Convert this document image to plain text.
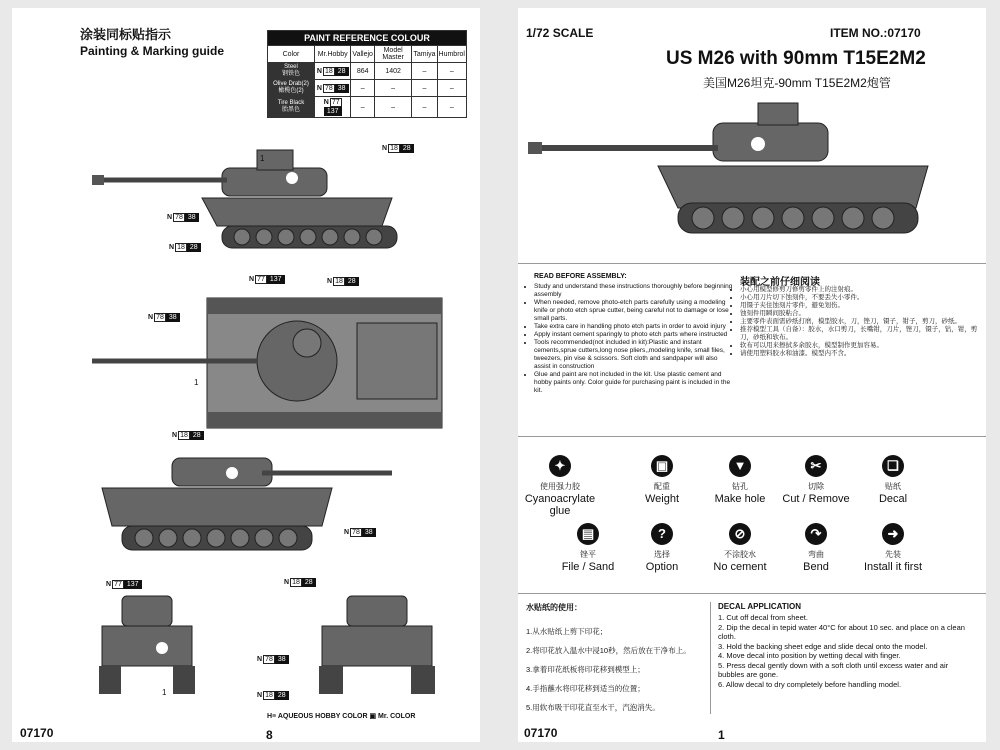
涂装同标贴指示
Painting & Marking guide
PAINT REFERENCE COLOUR					
Color	Mr.Hobby	Vallejo	Model Master	Tamiya	Humbrol
Steel
钢铁色	N 18 28	864	1402	–	–
Olive Drab(2)
橄榄色(2)	N 78 38	–	–	–	–
Tire Black
胎黑色	N 77137	–	–	–	–
1
N 18 28
N 78 38
N 18 28
N 77 137	N 18 28
N 78 38
1
N 18 28
N 78 38
N 77 137	N 18 28
N 78 38
N 18 28
1
H≡ AQUEOUS HOBBY COLOR ▣ Mr. COLOR
07170	8
1/72 SCALE	ITEM NO.:07170
US M26 with 90mm T15E2M2
美国M26坦克-90mm T15E2M2炮管
READ BEFORE ASSEMBLY:
• Study and understand these instructions thoroughly before beginning assembly
• When needed, remove photo-etch parts carefully using a modeling knife or photo etch sprue cutter, being careful not to damage or lose small parts.
• Take extra care in handling photo etch parts in order to avoid injury
• Apply instant cement sparingly to photo etch parts where instructed
• Tools recommended(not included in kit):Plastic and instant cements,sprue cutters,long nose pliers,,modeling knife, small files, tweezers, pin vise & scissors. Soft cloth and sandpaper will also assist in construction
• Glue and paint are not included in the kit. Use plastic cement and hobby paints only. Color guide for purchasing paint is included in the kit.
装配之前仔细阅读
• 小心用模型修剪刀修剪零件上的注射痕。
• 小心用刀片切下蚀刻件，不要丢失小零件。
• 用镊子夹住蚀刻片零件，避免划伤。
• 蚀刻件用瞬间胶粘合。
• 主要零件表面需砂纸打磨，模型胶水，刀，锉刀，镊子，钳子，剪刀，砂纸。
• 推荐模型工具（自备）：胶水，水口剪刀，长嘴钳，刀片，锉刀，镊子，钻，钳，剪刀，砂纸和软布。
• 软布可以用来擦拭多余胶水，模型制作更加容易。
• 请使用塑料胶水和油漆。模型内不含。
✦
使用强力胶
Cyanoacrylate glue
▣
配重
Weight
▼
钻孔
Make hole
✂
切除
Cut / Remove
❏
贴纸
Decal
▤
锉平
File / Sand
?
选择
Option
⊘
不涂胶水
No cement
↷
弯曲
Bend
➜
先装
Install it first
水贴纸的使用：
1.从水贴纸上剪下印花；
2.将印花放入温水中浸10秒，然后放在干净布上。
3.拿着印花纸板将印花移到模型上；
4.手指蘸水将印花移到适当的位置；
5.用软布吸干印花直至水干，汽泡消失。
DECAL APPLICATION
1. Cut off decal from sheet.
2. Dip the decal in tepid water 40°C for about 10 sec. and place on a clean cloth.
3. Hold the backing sheet edge and slide decal onto the model.
4. Move decal into position by wetting decal with finger.
5. Press decal gently down with a soft cloth until excess water and air bubbles are gone.
6. Allow decal to dry completely before handling model.
07170	1
